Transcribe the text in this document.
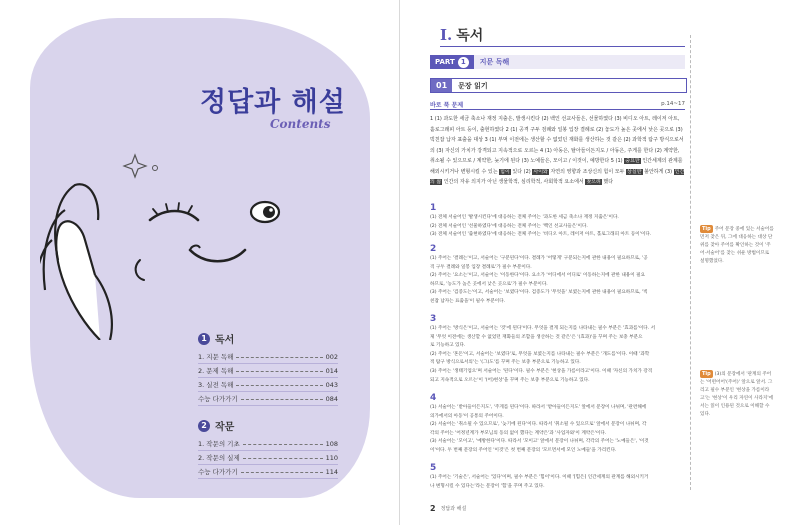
정답과 해설
Contents
1 독서
1. 지문 독해	002
2. 문제 독해	014
3. 실전 독해	043
수능 다가가기	084
2 작문
1. 작문의 기초	108
2. 작문의 실제	110
수능 다가가기	114
I. 독서
PART 1	지문 독해
01	문장 읽기
바로 푹 문제	p.14~17
1 (1) 과도한 세금 축소나 재정 지출은, 발생시킨다 (2) 백인 선교사들은, 선물하였다 (3) 비디오 아트, 레이저 아트, 홀로그래피 아트 등이, 출현하였다 2 (1) 공격 구두 검례와 일봉 입장 결례로 (2) 놓도가 높은 곳에서 낮은 곳으로 (3) 빅친잡 납자 표출을 대상 3 (1) 부먹 이전에는 생산할 수 없었던 재화를 생산하는 것 같은 (2) 과학적 탐구 방식으로서의 (3) 자신의 가치가 강격되고 지속적으로 오르는 4 (1) 아동은, 탈아들이든지도 / 아동은, 주게를 한다 (2) 계약한, 취소될 수 있으므로 / 계약한, 늦기에 된다 (3) 노예들은, 모이고 / 이것이, 예방한다 5 (1) 중요한 인간세계의 관계를 해외시키거나 변형시킬 수 있는 힘이 있다 (2) 사이와 자연의 영향과 조상신의 힘이 모두 상실한 불안하게 (3) 인간의 삶 인간의 자유 의지가 아닌 생물학적, 심리학적, 사회학적 요소에서 찾으려 했다
1
(1) 전체 서술어인 '발생시킨다'에 대응하는 전체 주어는 '과도한 세금 축소나 재정 지출은'이다.
(2) 전체 서술어인 '선물하였다'에 대응하는 전체 주어는 '백인 선교사들은'이다.
(3) 전체 서술어인 '출현하였다'에 대응하는 전체 주어는 '비디오 아트, 레이저 아트, 홀로그래피 아트 등이'이다.
2
(1) 주어는 '결례는'이고, 서술어는 '구분된다'이다. 결례가 '어떻게' 구분되는지에 관한 내용이 필요하므로, '공
격 구두 결례와 일봉 입장 결례로'가 필수 부분이다.
(2) 주어는 '요소는'이고, 서술어는 '이동한다'이다. 요소가 '어디에서 어디로' 이동하는지에 관한 내용이 필요
하므로, '농도가 높은 곳에서 낮은 곳으로'가 필수 부분이다.
(3) 주어는 '검증도는'이고, 서술어는 '보였다'이다. 검증도가 '무엇을' 보였는지에 관한 내용이 필요하므로, '빅
친잡 납자는 표출을'이 필수 부분이다.
3
(1) 주어는 '방식은'이고, 서술어는 '것'에 된다'이다. 무엇을 결게 되는지를 나타내는 필수 부분은 '효과를'이다. 서
제 '무엇 이전에는 생산할 수 없었던 재화들의 조합을 생산하는 것 같은'은 '(효과)'을 꾸며 주는 보충 부분으
로 기능하고 있다.
(2) 주어는 '혼돈'이고, 서술어는 '보였다'로, 무엇을 보였는지를 나타내는 필수 부분은 '개도를'이다. 이때 '과학
적 탐구 방식으로서의'는 '(그)도'를 꾸며 주는 보충 부분으로 기능하고 있다.
(3) 주어는 '생태기업으'며 서술어는 '된다'이다. 필수 부분은 '현상을 가름이라고'이다. 이때 '자신의 가치가 강격
되고 지속적으로 오르는'이 '(어)현상'을 꾸며 주는 보충 부분으로 기능하고 있다.
4
(1) 서술어는 '받아들이든지도', '주게를 된다'이다. 따라서 '받아들이든지도' 앞에서 문장이 나뉘며, '관련해에
의가에서의 아동'이 공통의 주어이다.
(2) 서술어는 '취소될 수 있으므로', '늦기에 된다'이다. 따라서 '취소될 수 있으므로' 앞에서 문장이 나뉘며, 각
각의 주어는 '어정년계가 부모님의 동의 없이 했다는 계약은'과 '사업자와'이 계약은'이다.
(3) 서술어는 '모이고', '예방한다'이다. 따라서 '모이고' 앞에서 문장이 나뉘며, 각각의 주어는 '노예들은', '이것
이'이다. 두 번째 문장의 주어인 '이것'은 첫 번째 문장의 '모르면서에 모인 노예들'을 가리킨다.
5
(1) 주어는 '기술은', 서술어는 '있다'이며, 필수 부분은 '힘이'이다. 이때 '[힘은] 인간세계의 관계를 해외시키거
나 변형시킬 수 있다는'라는 문장이 '힘'을 꾸며 주고 있다.
Tip 주어 문장 중에 있는 서술어를 먼저 찾은 뒤, 그에 대응하는 대상 단위를 찾아 주어를 확인하는 것이 '주어·서술어'를 찾는 쉬운 방법이므로 설명했었다.
Tip (3)의 문장에서 '관계의 주어는 '어떤어어'(주어)' 앞으로 앞서. 그리고 필수 부분인 '현상을 가름이라고'는 '현상'이 우리 자연이 사라지'에서는 읽이 인용된 것으로 이해할 수 있다.
2 정답과 해설
